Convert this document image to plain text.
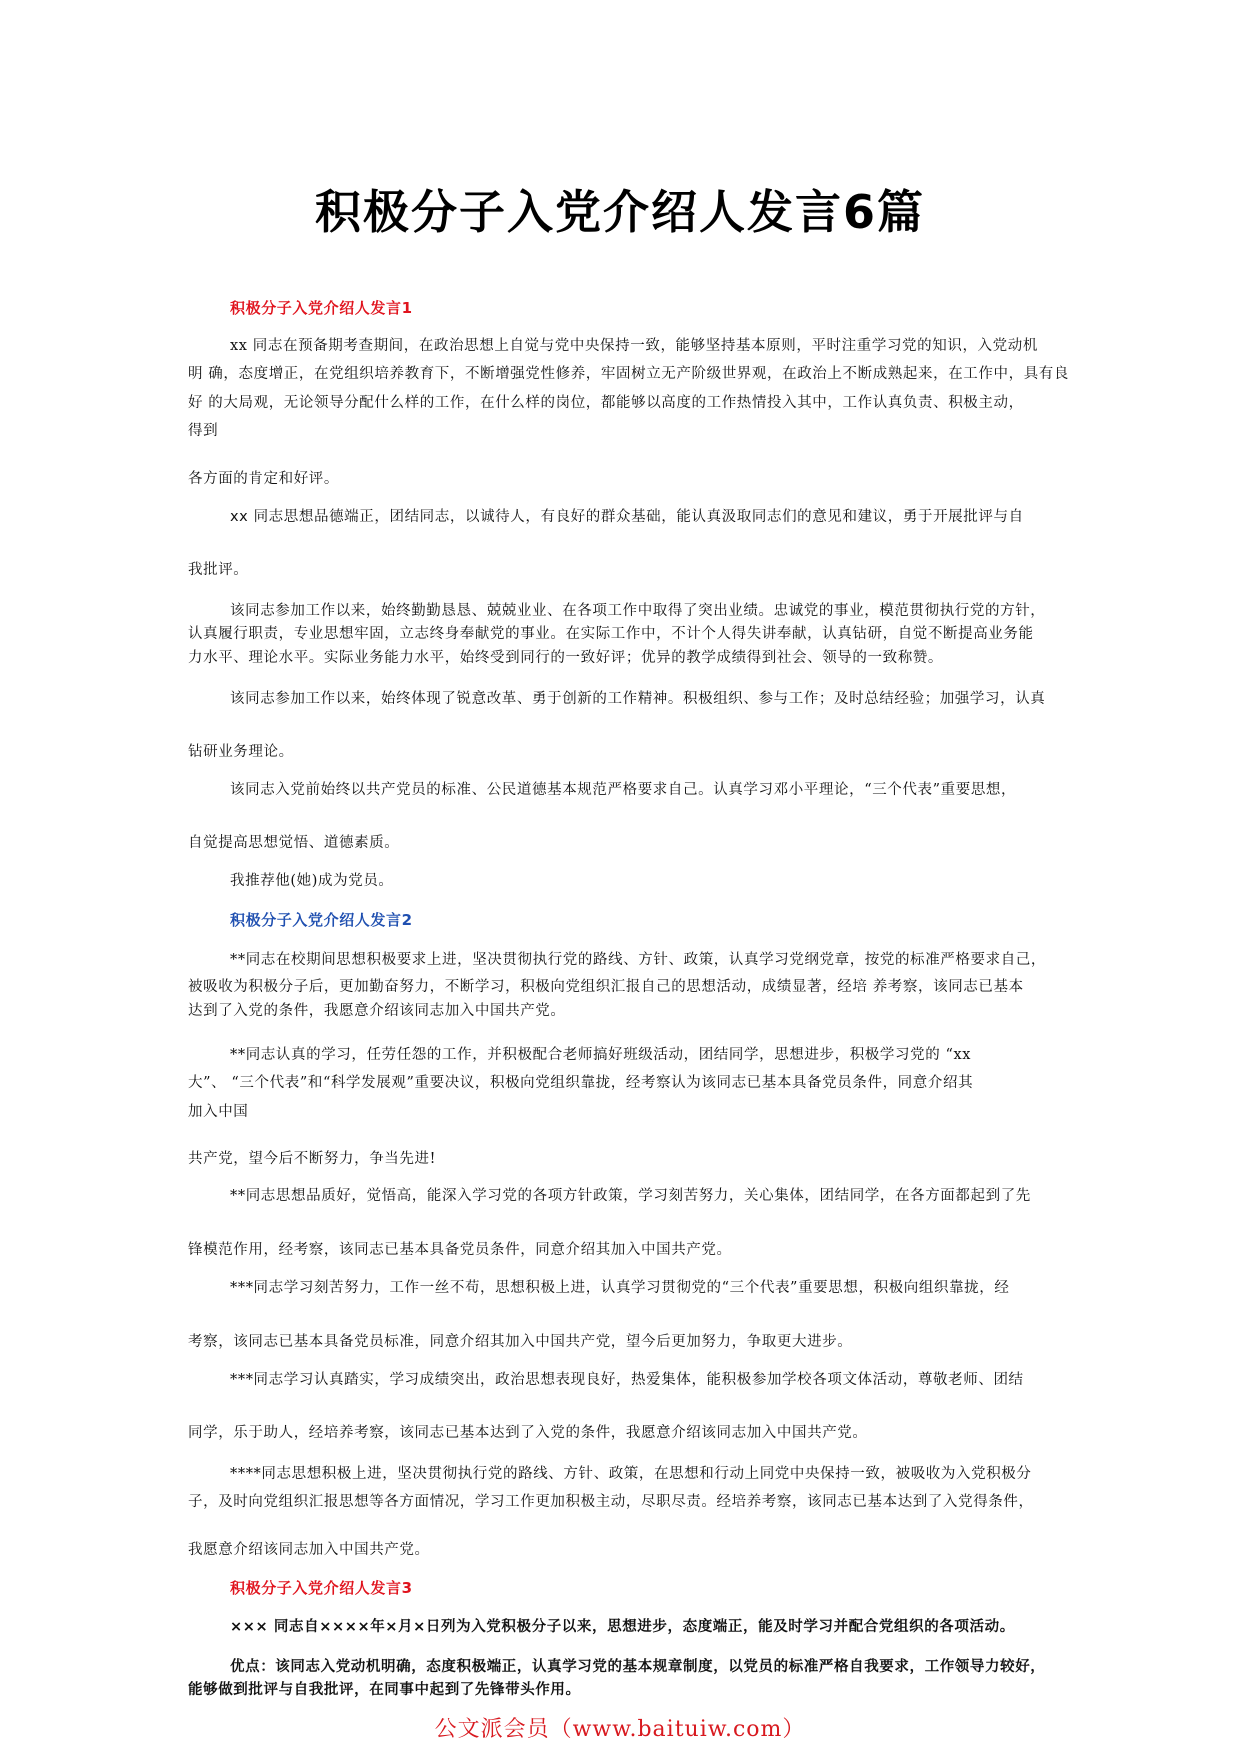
积极分子入党介绍人发言6篇
积极分子入党介绍人发言1
xx 同志在预备期考查期间，在政治思想上自觉与党中央保持一致，能够坚持基本原则，平时注重学习党的知识，入党动机
明 确，态度增正，在党组织培养教育下，不断增强党性修养，牢固树立无产阶级世界观，在政治上不断成熟起来，在工作中，具有良
好 的大局观，无论领导分配什么样的工作，在什么样的岗位，都能够以高度的工作热情投入其中，工作认真负责、积极主动，
得到
各方面的肯定和好评。
xx 同志思想品德端正，团结同志，以诚待人，有良好的群众基础，能认真汲取同志们的意见和建议，勇于开展批评与自
我批评。
该同志参加工作以来，始终勤勤恳恳、兢兢业业、在各项工作中取得了突出业绩。忠诚党的事业，模范贯彻执行党的方针，
认真履行职责，专业思想牢固，立志终身奉献党的事业。在实际工作中，不计个人得失讲奉献，认真钻研，自觉不断提高业务能
力水平、理论水平。实际业务能力水平，始终受到同行的一致好评；优异的教学成绩得到社会、领导的一致称赞。
该同志参加工作以来，始终体现了锐意改革、勇于创新的工作精神。积极组织、参与工作；及时总结经验；加强学习，认真
钻研业务理论。
该同志入党前始终以共产党员的标准、公民道德基本规范严格要求自己。认真学习邓小平理论，“三个代表”重要思想，
自觉提高思想觉悟、道德素质。
我推荐他(她)成为党员。
积极分子入党介绍人发言2
**同志在校期间思想积极要求上进，坚决贯彻执行党的路线、方针、政策，认真学习党纲党章，按党的标准严格要求自己，
被吸收为积极分子后，更加勤奋努力，不断学习，积极向党组织汇报自己的思想活动，成绩显著，经培 养考察，该同志已基本
达到了入党的条件，我愿意介绍该同志加入中国共产党。
**同志认真的学习，任劳任怨的工作，并积极配合老师搞好班级活动，团结同学，思想进步，积极学习党的 “xx
大”、 “三个代表”和“科学发展观”重要决议，积极向党组织靠拢，经考察认为该同志已基本具备党员条件，同意介绍其
加入中国
共产党，望今后不断努力，争当先进!
**同志思想品质好，觉悟高，能深入学习党的各项方针政策，学习刻苦努力，关心集体，团结同学，在各方面都起到了先
锋模范作用，经考察，该同志已基本具备党员条件，同意介绍其加入中国共产党。
***同志学习刻苦努力，工作一丝不苟，思想积极上进，认真学习贯彻党的“三个代表”重要思想，积极向组织靠拢，经
考察，该同志已基本具备党员标准，同意介绍其加入中国共产党，望今后更加努力，争取更大进步。
***同志学习认真踏实，学习成绩突出，政治思想表现良好，热爱集体，能积极参加学校各项文体活动，尊敬老师、团结
同学，乐于助人，经培养考察，该同志已基本达到了入党的条件，我愿意介绍该同志加入中国共产党。
****同志思想积极上进，坚决贯彻执行党的路线、方针、政策，在思想和行动上同党中央保持一致，被吸收为入党积极分
子，及时向党组织汇报思想等各方面情况，学习工作更加积极主动，尽职尽责。经培养考察，该同志已基本达到了入党得条件，
我愿意介绍该同志加入中国共产党。
积极分子入党介绍人发言3
××× 同志自××××年×月×日列为入党积极分子以来，思想进步，态度端正，能及时学习并配合党组织的各项活动。
优点：该同志入党动机明确，态度积极端正，认真学习党的基本规章制度，以党员的标准严格自我要求，工作领导力较好，
能够做到批评与自我批评，在同事中起到了先锋带头作用。
公文派会员（www.baituiw.com）
